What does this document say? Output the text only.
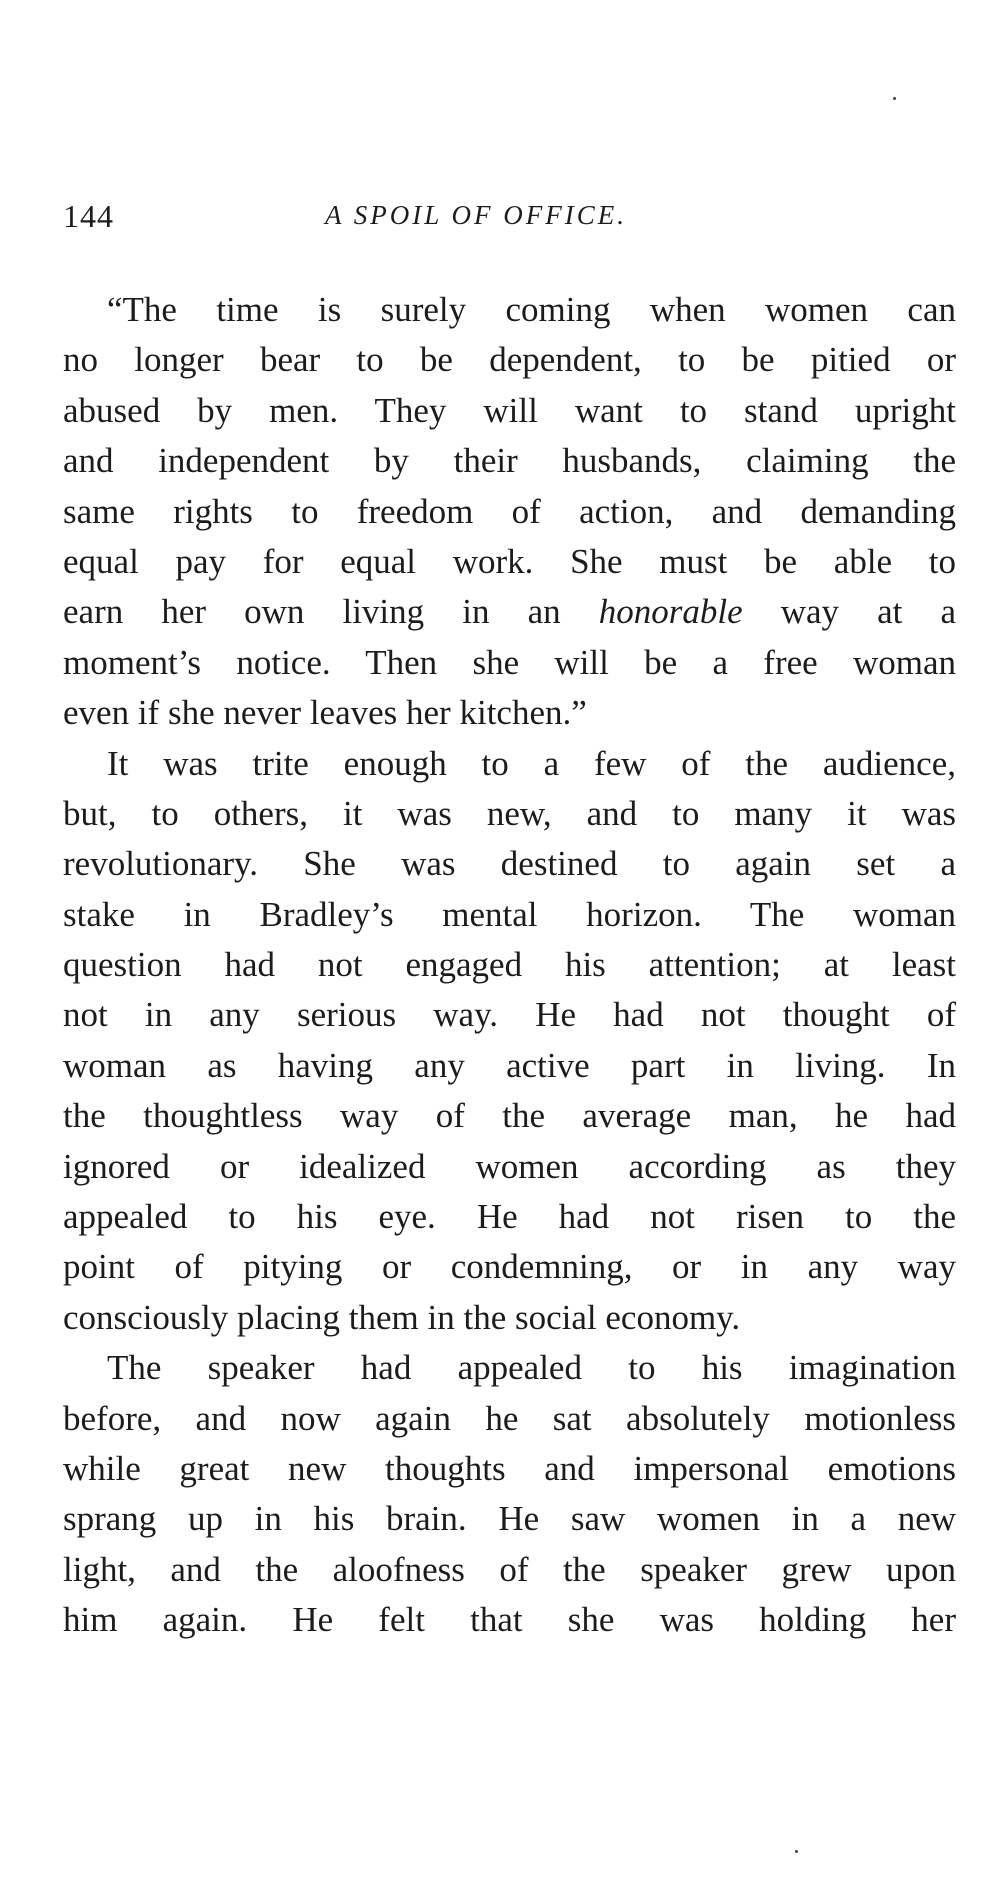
144	A SPOIL OF OFFICE.
“The time is surely coming when women can
no longer bear to be dependent, to be pitied or
abused by men. They will want to stand upright
and independent by their husbands, claiming the
same rights to freedom of action, and demanding
equal pay for equal work. She must be able to
earn her own living in an honorable way at a
moment’s notice. Then she will be a free woman
even if she never leaves her kitchen.”
It was trite enough to a few of the audience,
but, to others, it was new, and to many it was
revolutionary. She was destined to again set a
stake in Bradley’s mental horizon. The woman
question had not engaged his attention; at least
not in any serious way. He had not thought of
woman as having any active part in living. In
the thoughtless way of the average man, he had
ignored or idealized women according as they
appealed to his eye. He had not risen to the
point of pitying or condemning, or in any way
consciously placing them in the social economy.
The speaker had appealed to his imagination
before, and now again he sat absolutely motionless
while great new thoughts and impersonal emotions
sprang up in his brain. He saw women in a new
light, and the aloofness of the speaker grew upon
him again. He felt that she was holding her
